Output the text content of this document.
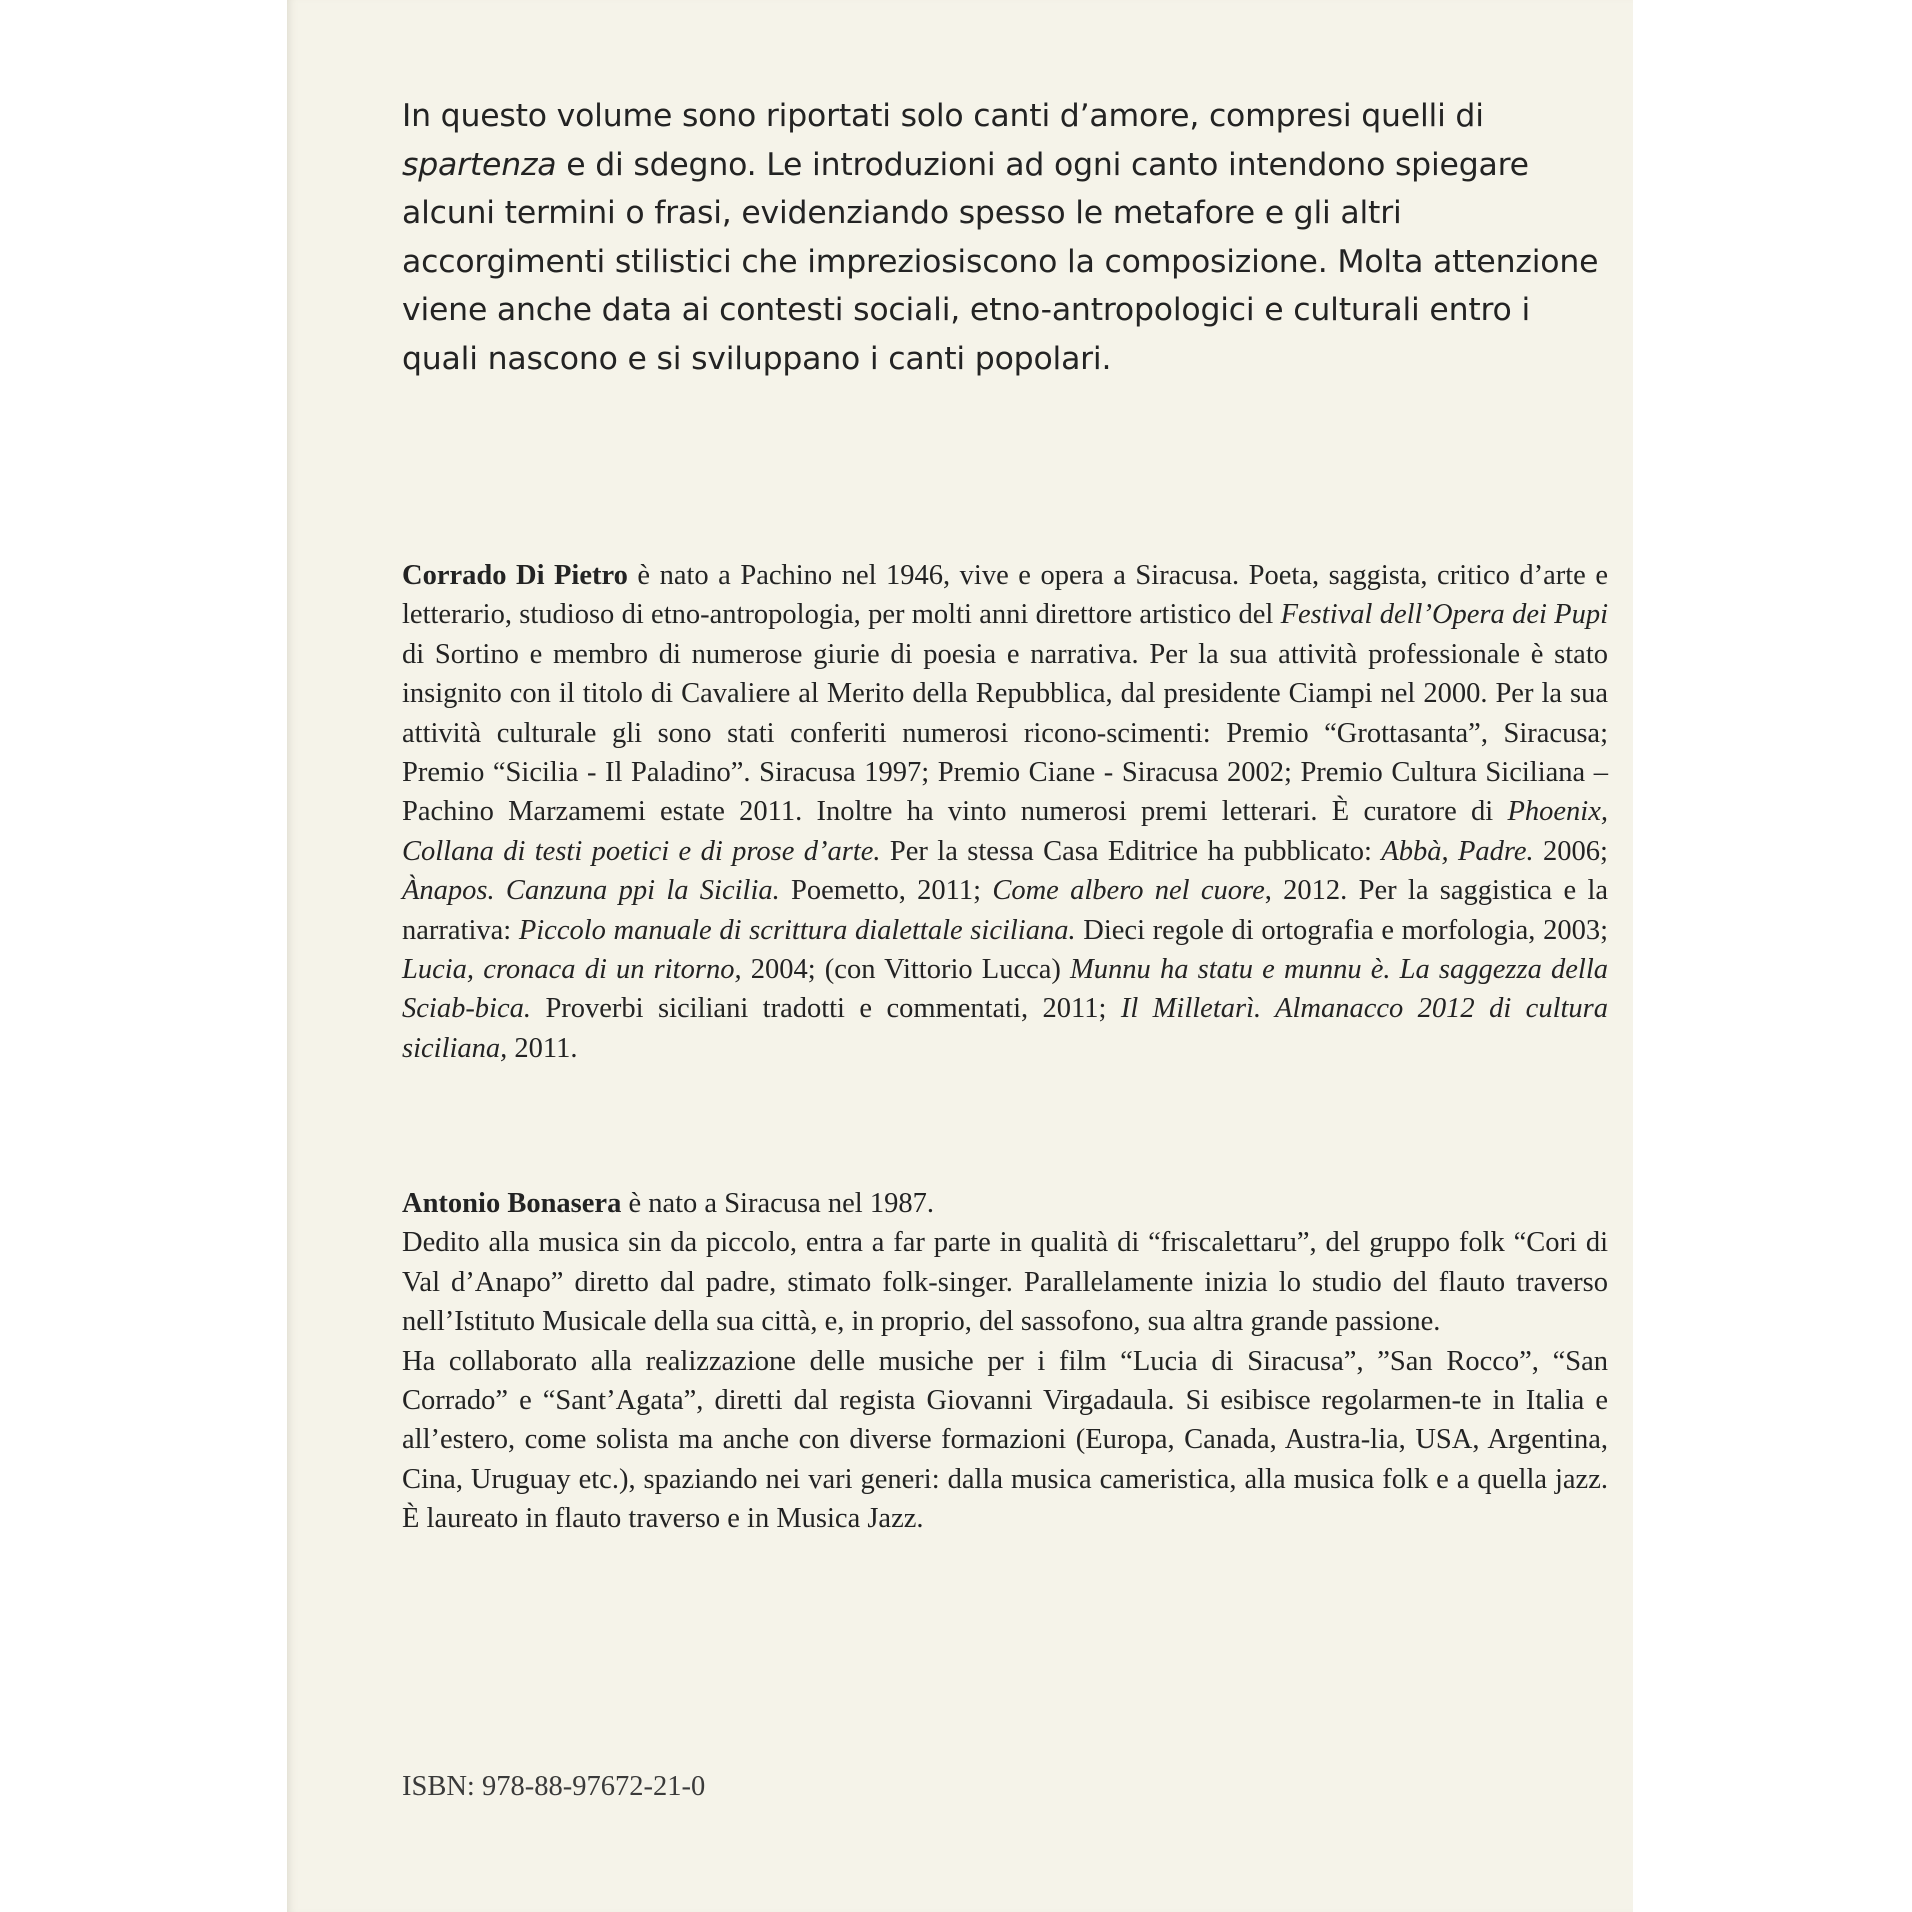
In questo volume sono riportati solo canti d’amore, compresi quelli di spartenza e di sdegno. Le introduzioni ad ogni canto intendono spiegare alcuni termini o frasi, evidenziando spesso le metafore e gli altri accorgimenti stilistici che impreziosiscono la composizione. Molta attenzione viene anche data ai contesti sociali, etno-antropologici e culturali entro i quali nascono e si sviluppano i canti popolari.
Corrado Di Pietro è nato a Pachino nel 1946, vive e opera a Siracusa. Poeta, saggista, critico d’arte e letterario, studioso di etno-antropologia, per molti anni direttore artistico del Festival dell’Opera dei Pupi di Sortino e membro di numerose giurie di poesia e narrativa. Per la sua attività professionale è stato insignito con il titolo di Cavaliere al Merito della Repubblica, dal presidente Ciampi nel 2000. Per la sua attività culturale gli sono stati conferiti numerosi ricono-scimenti: Premio “Grottasanta”, Siracusa; Premio “Sicilia - Il Paladino”. Siracusa 1997; Premio Ciane - Siracusa 2002; Premio Cultura Siciliana – Pachino Marzamemi estate 2011. Inoltre ha vinto numerosi premi letterari. È curatore di Phoenix, Collana di testi poetici e di prose d’arte. Per la stessa Casa Editrice ha pubblicato: Abbà, Padre. 2006; Ànapos. Canzuna ppi la Sicilia. Poemetto, 2011; Come albero nel cuore, 2012. Per la saggistica e la narrativa: Piccolo manuale di scrittura dialettale siciliana. Dieci regole di ortografia e morfologia, 2003; Lucia, cronaca di un ritorno, 2004; (con Vittorio Lucca) Munnu ha statu e munnu è. La saggezza della Sciab-bica. Proverbi siciliani tradotti e commentati, 2011; Il Milletarì. Almanacco 2012 di cultura siciliana, 2011.

Antonio Bonasera è nato a Siracusa nel 1987.

Dedito alla musica sin da piccolo, entra a far parte in qualità di “friscalettaru”, del gruppo folk “Cori di Val d’Anapo” diretto dal padre, stimato folk-singer. Parallelamente inizia lo studio del flauto traverso nell’Istituto Musicale della sua città, e, in proprio, del sassofono, sua altra grande passione.

Ha collaborato alla realizzazione delle musiche per i film “Lucia di Siracusa”, ”San Rocco”, “San Corrado” e “Sant’Agata”, diretti dal regista Giovanni Virgadaula. Si esibisce regolarmen-te in Italia e all’estero, come solista ma anche con diverse formazioni (Europa, Canada, Austra-lia, USA, Argentina, Cina, Uruguay etc.), spaziando nei vari generi: dalla musica cameristica, alla musica folk e a quella jazz. È laureato in flauto traverso e in Musica Jazz.

ISBN: 978-88-97672-21-0
